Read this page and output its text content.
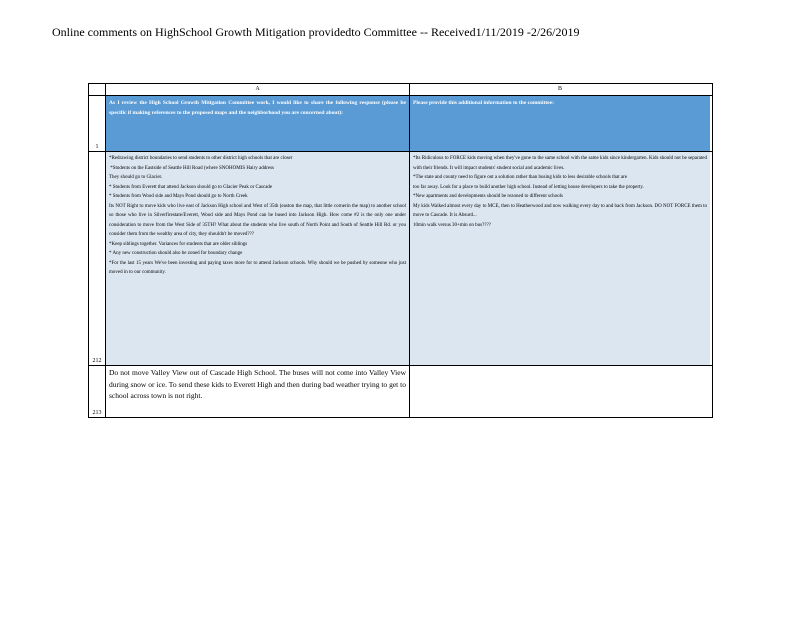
Online comments on HighSchool Growth Mitigation providedto Committee -- Received1/11/2019 -2/26/2019
A	B
1
As I review the High School Growth Mitigation Committee work, I would like to share the following response (please be specific if making references to the proposed maps and the neighborhood you are concerned about):
Please provide this additional information to the committee:
212
*Redrawing district boundaries to send students to other district high schools that are closer
*Students on the Eastside of Seattle Hill Road (where SNOHOMIS Hairy address
They should go to Glacier.
* Students from Everett that attend Jackson should go to Glacier Peak or Cascade
* Students from Wood side and Mays Pond should go to North Creek
Its NOT Right to move kids who live east of Jackson High school and West of 35th (easton the map, that little cornerin the map) to another school so those who live in Silverfirestate/Everett, Wood side and Mays Pond can be bused into Jackson High. How come #2 is the only one under consideration to move from the West Side of 35TH? What about the students who live south of North Point and South of Seattle Hill Rd. or you consider them from the wealthy area of city, they shouldn't be moved???
*Keep siblings together. Variances for students that are older siblings
* Any new construction should also be zoned for boundary change
*For the last 15 years We've been investing and paying taxes more for to attend Jackson schools. Why should we be pushed by someone who just moved in to our community.
*Its Ridiculous to FORCE kids moving when they've gone to the same school with the same kids since kindergarten. Kids should not be separated with their friends. It will impact students' student social and academic lives.
*The state and county need to figure out a solution rather than busing kids to less desirable schools that are
too far away. Look for a place to build another high school. Instead of letting house developers to take the property.
*New apartments and developments should be rezoned to different schools
My kids Walked almost every day to MCE, then to Heatherwood and now walking every day to and back from Jackson. DO NOT FORCE them to move to Cascade. It is Absurd...
10min walk versus 30+min on bus????
213
Do not move Valley View out of Cascade High School. The buses will not come into Valley View during snow or ice. To send these kids to Everett High and then during bad weather trying to get to school across town is not right.
